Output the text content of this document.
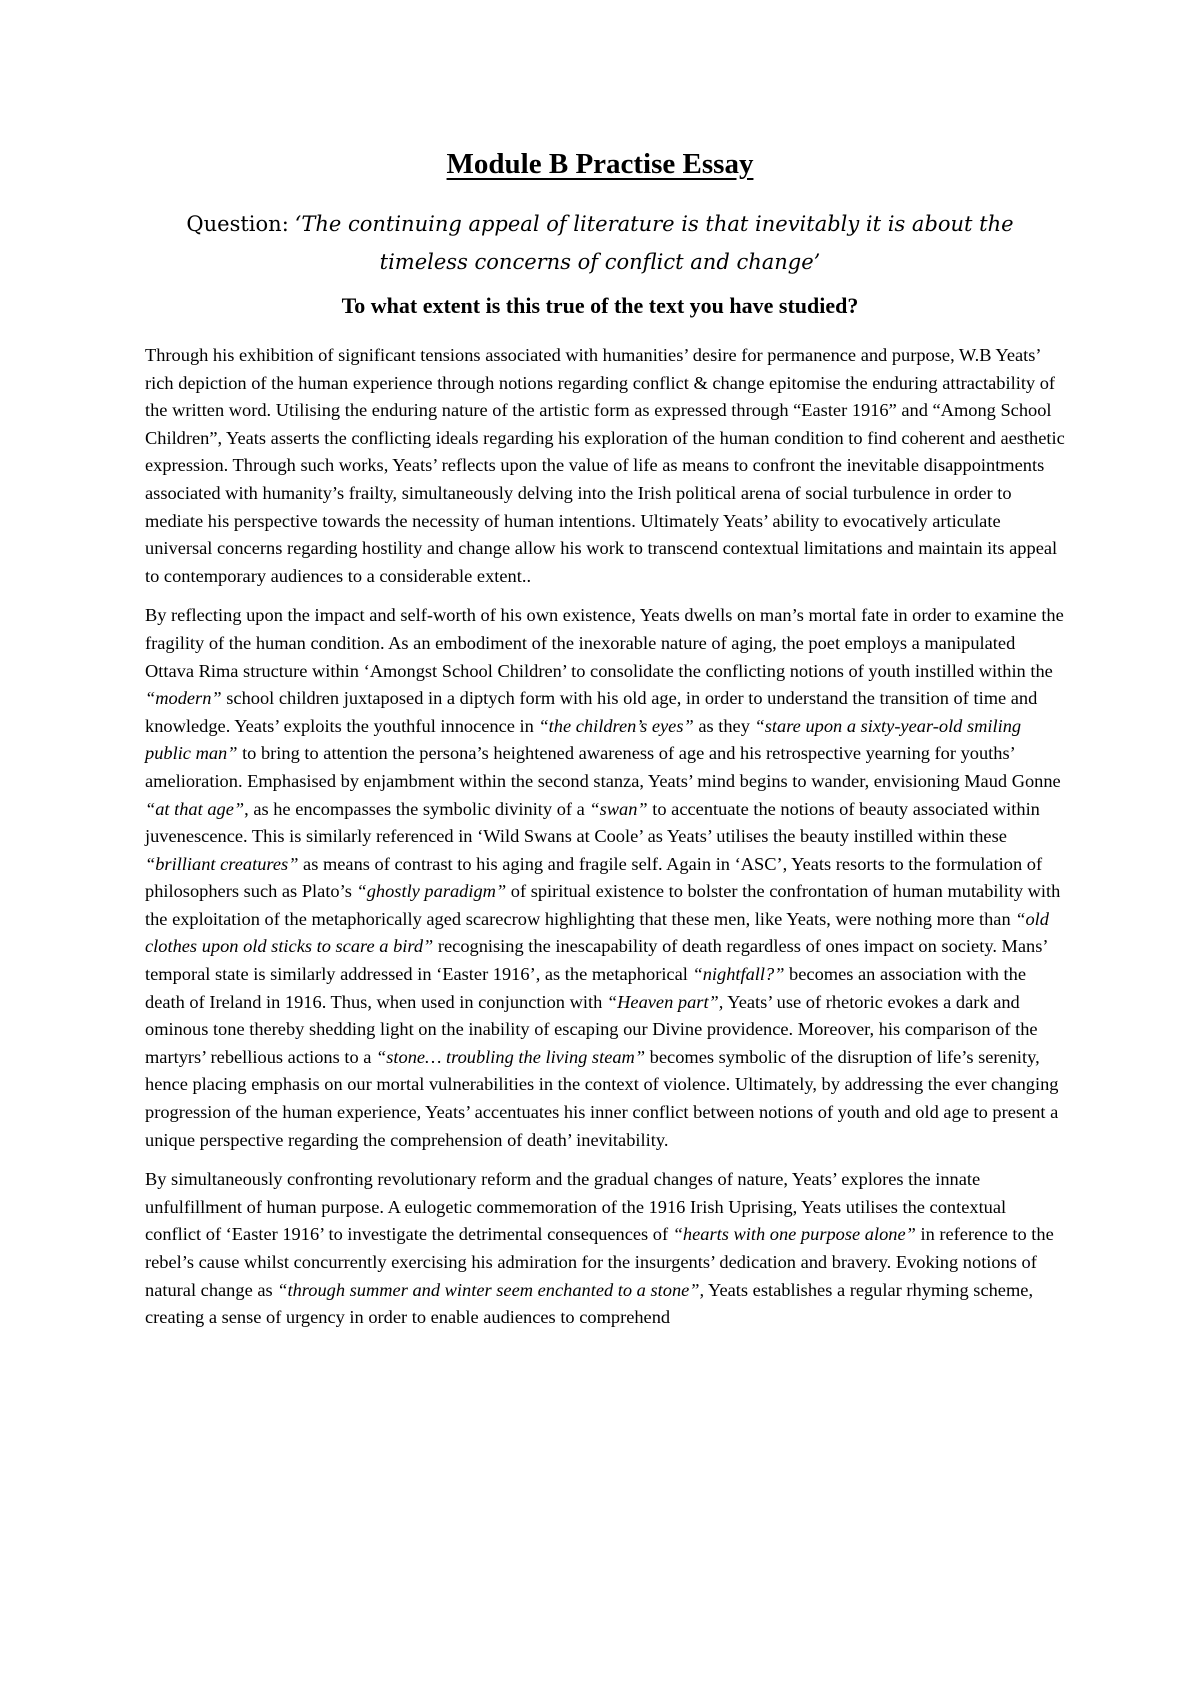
Module B Practise Essay
Question: ‘The continuing appeal of literature is that inevitably it is about the timeless concerns of conflict and change’
To what extent is this true of the text you have studied?

Through his exhibition of significant tensions associated with humanities’ desire for permanence and purpose, W.B Yeats’ rich depiction of the human experience through notions regarding conflict & change epitomise the enduring attractability of the written word. Utilising the enduring nature of the artistic form as expressed through “Easter 1916” and “Among School Children”, Yeats asserts the conflicting ideals regarding his exploration of the human condition to find coherent and aesthetic expression. Through such works, Yeats’ reflects upon the value of life as means to confront the inevitable disappointments associated with humanity’s frailty, simultaneously delving into the Irish political arena of social turbulence in order to mediate his perspective towards the necessity of human intentions. Ultimately Yeats’ ability to evocatively articulate universal concerns regarding hostility and change allow his work to transcend contextual limitations and maintain its appeal to contemporary audiences to a considerable extent..

By reflecting upon the impact and self-worth of his own existence, Yeats dwells on man’s mortal fate in order to examine the fragility of the human condition. As an embodiment of the inexorable nature of aging, the poet employs a manipulated Ottava Rima structure within ‘Amongst School Children’ to consolidate the conflicting notions of youth instilled within the “modern” school children juxtaposed in a diptych form with his old age, in order to understand the transition of time and knowledge. Yeats’ exploits the youthful innocence in “the children’s eyes” as they “stare upon a sixty-year-old smiling public man” to bring to attention the persona’s heightened awareness of age and his retrospective yearning for youths’ amelioration. Emphasised by enjambment within the second stanza, Yeats’ mind begins to wander, envisioning Maud Gonne “at that age”, as he encompasses the symbolic divinity of a “swan” to accentuate the notions of beauty associated within juvenescence. This is similarly referenced in ‘Wild Swans at Coole’ as Yeats’ utilises the beauty instilled within these “brilliant creatures” as means of contrast to his aging and fragile self. Again in ‘ASC’, Yeats resorts to the formulation of philosophers such as Plato’s “ghostly paradigm” of spiritual existence to bolster the confrontation of human mutability with the exploitation of the metaphorically aged scarecrow highlighting that these men, like Yeats, were nothing more than “old clothes upon old sticks to scare a bird” recognising the inescapability of death regardless of ones impact on society. Mans’ temporal state is similarly addressed in ‘Easter 1916’, as the metaphorical “nightfall?” becomes an association with the death of Ireland in 1916. Thus, when used in conjunction with “Heaven part”, Yeats’ use of rhetoric evokes a dark and ominous tone thereby shedding light on the inability of escaping our Divine providence. Moreover, his comparison of the martyrs’ rebellious actions to a “stone… troubling the living steam” becomes symbolic of the disruption of life’s serenity, hence placing emphasis on our mortal vulnerabilities in the context of violence. Ultimately, by addressing the ever changing progression of the human experience, Yeats’ accentuates his inner conflict between notions of youth and old age to present a unique perspective regarding the comprehension of death’ inevitability.

By simultaneously confronting revolutionary reform and the gradual changes of nature, Yeats’ explores the innate unfulfillment of human purpose. A eulogetic commemoration of the 1916 Irish Uprising, Yeats utilises the contextual conflict of ‘Easter 1916’ to investigate the detrimental consequences of “hearts with one purpose alone” in reference to the rebel’s cause whilst concurrently exercising his admiration for the insurgents’ dedication and bravery. Evoking notions of natural change as “through summer and winter seem enchanted to a stone”, Yeats establishes a regular rhyming scheme, creating a sense of urgency in order to enable audiences to comprehend
